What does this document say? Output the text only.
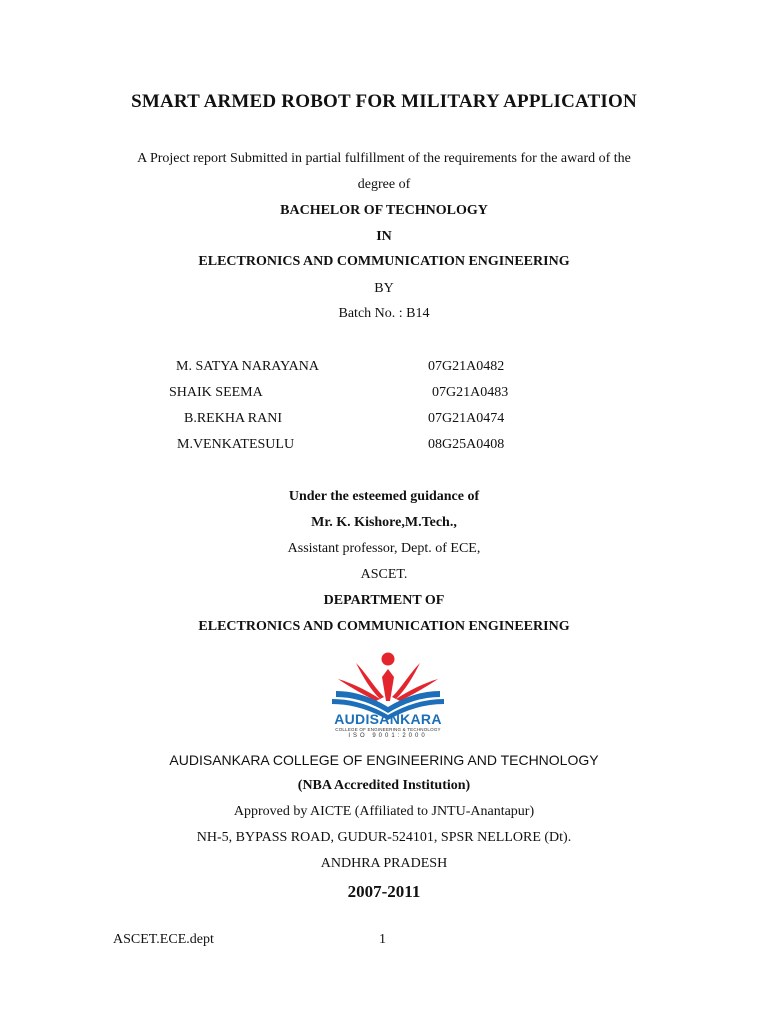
SMART ARMED ROBOT FOR MILITARY APPLICATION
A Project report Submitted in partial fulfillment of the requirements for the award of the
degree of
BACHELOR OF TECHNOLOGY
IN
ELECTRONICS AND COMMUNICATION ENGINEERING
BY
Batch No. : B14
M. SATYA NARAYANA	07G21A0482
SHAIK SEEMA	07G21A0483
B.REKHA RANI	07G21A0474
M.VENKATESULU	08G25A0408
Under the esteemed guidance of
Mr. K. Kishore,M.Tech.,
Assistant professor, Dept. of ECE,
ASCET.
DEPARTMENT OF
ELECTRONICS AND COMMUNICATION ENGINEERING
AUDISANKARA
COLLEGE OF ENGINEERING & TECHNOLOGY
ISO 9001:2000
AUDISANKARA COLLEGE OF ENGINEERING AND TECHNOLOGY
(NBA Accredited Institution)
Approved by AICTE (Affiliated to JNTU-Anantapur)
NH-5, BYPASS ROAD, GUDUR-524101, SPSR NELLORE (Dt).
ANDHRA PRADESH
2007-2011
ASCET.ECE.dept	1
